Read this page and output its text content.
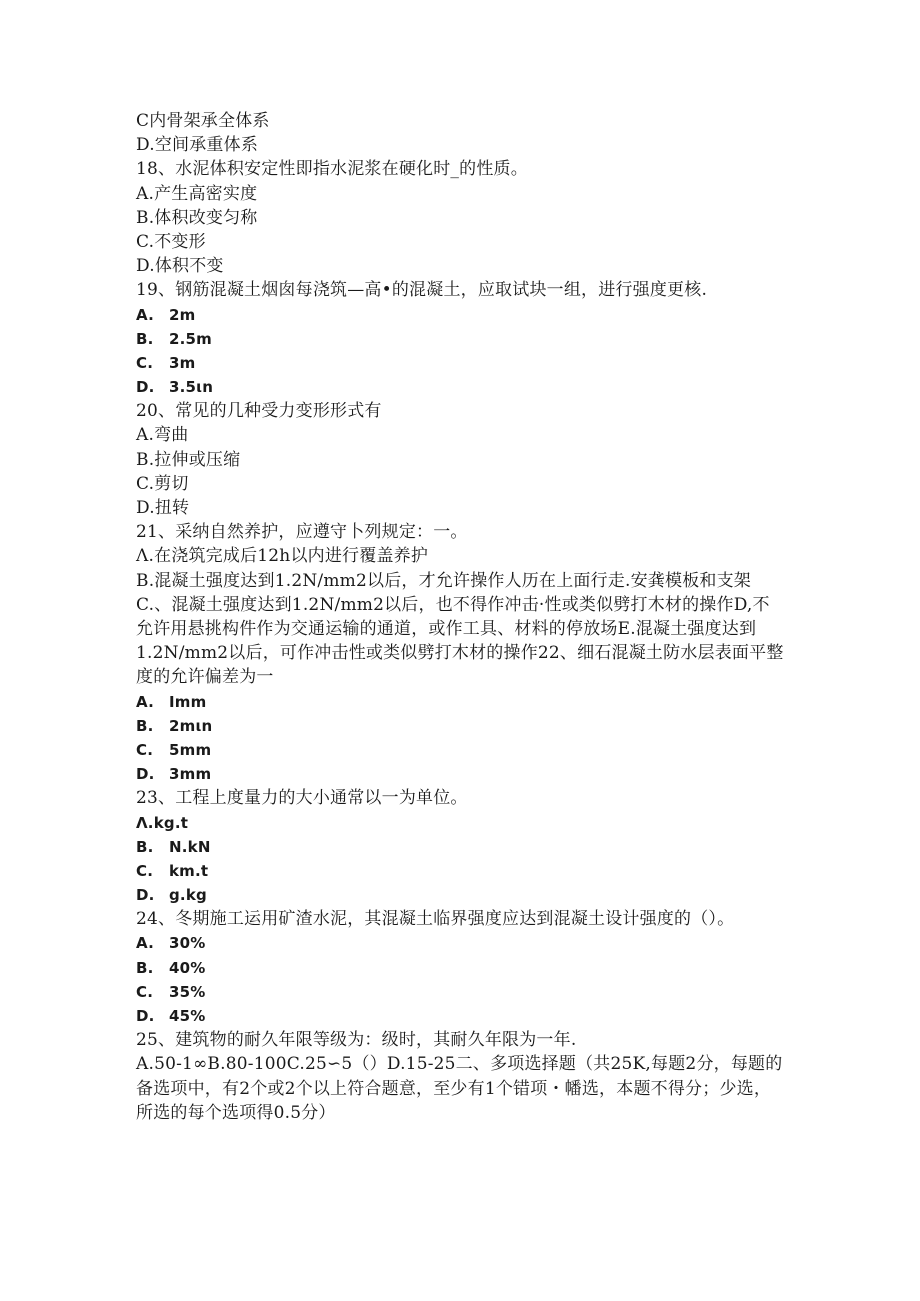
C内骨架承全体系
D.空间承重体系
18、水泥体积安定性即指水泥浆在硬化时_的性质。
A.产生高密实度
B.体积改变匀称
C.不变形
D.体积不变
19、钢筋混凝土烟囱每浇筑—高•的混凝土，应取试块一组，进行强度更核.
A.	2m
B.	2.5m
C.	3m
D. 3.5ιn
20、常见的几种受力变形形式有
A.弯曲
B.拉伸或压缩
C.剪切
D.扭转
21、采纳自然养护，应遵守卜列规定：一。
Λ.在浇筑完成后12h以内进行覆盖养护
B.混凝土强度达到1.2N/mm2以后，才允许操作人历在上面行走.安龚模板和支架
C.、混凝土强度达到1.2N/mm2以后，也不得作冲击·性或类似劈打木材的操作D,不允许用悬挑构件作为交通运输的通道，或作工具、材料的停放场E.混凝土强度达到1.2N/mm2以后，可作冲击性或类似劈打木材的操作22、细石混凝土防水层表面平整度的允许偏差为一
A.	Imm
B.	2mιn
C.	5mm
D. 3mm
23、工程上度量力的大小通常以一为单位。
Λ.kg.t
B.	N.kN
C.	km.t
D. g.kg
24、冬期施工运用矿渣水泥，其混凝土临界强度应达到混凝土设计强度的（）。
A.	30%
B.	40%
C.	35%
D. 45%
25、建筑物的耐久年限等级为：级时，其耐久年限为一年.
A.50-1∞B.80-100C.25∽5（）D.15-25二、多项选择题（共25K,每题2分，每题的备选项中，有2个或2个以上符合题意，至少有1个错项・幡选，本题不得分；少选，所选的每个选项得0.5分）
